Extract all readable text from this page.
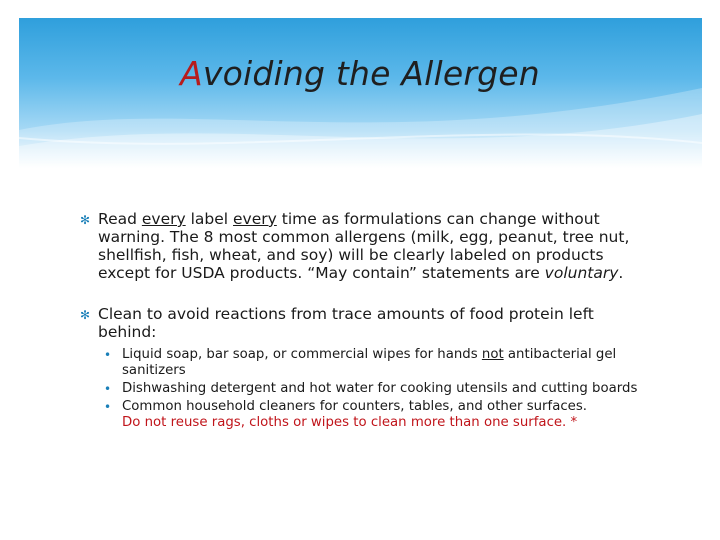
Avoiding the Allergen
✻ Read every label every time as formulations can change without warning. The 8 most common allergens (milk, egg, peanut, tree nut, shellfish, fish, wheat, and soy) will be clearly labeled on products except for USDA products. “May contain” statements are voluntary.
✻ Clean to avoid reactions from trace amounts of food protein left behind:
• Liquid soap, bar soap, or commercial wipes for hands not antibacterial gel sanitizers
• Dishwashing detergent and hot water for cooking utensils and cutting boards
• Common household cleaners for counters, tables, and other surfaces.
Do not reuse rags, cloths or wipes to clean more than one surface. *
